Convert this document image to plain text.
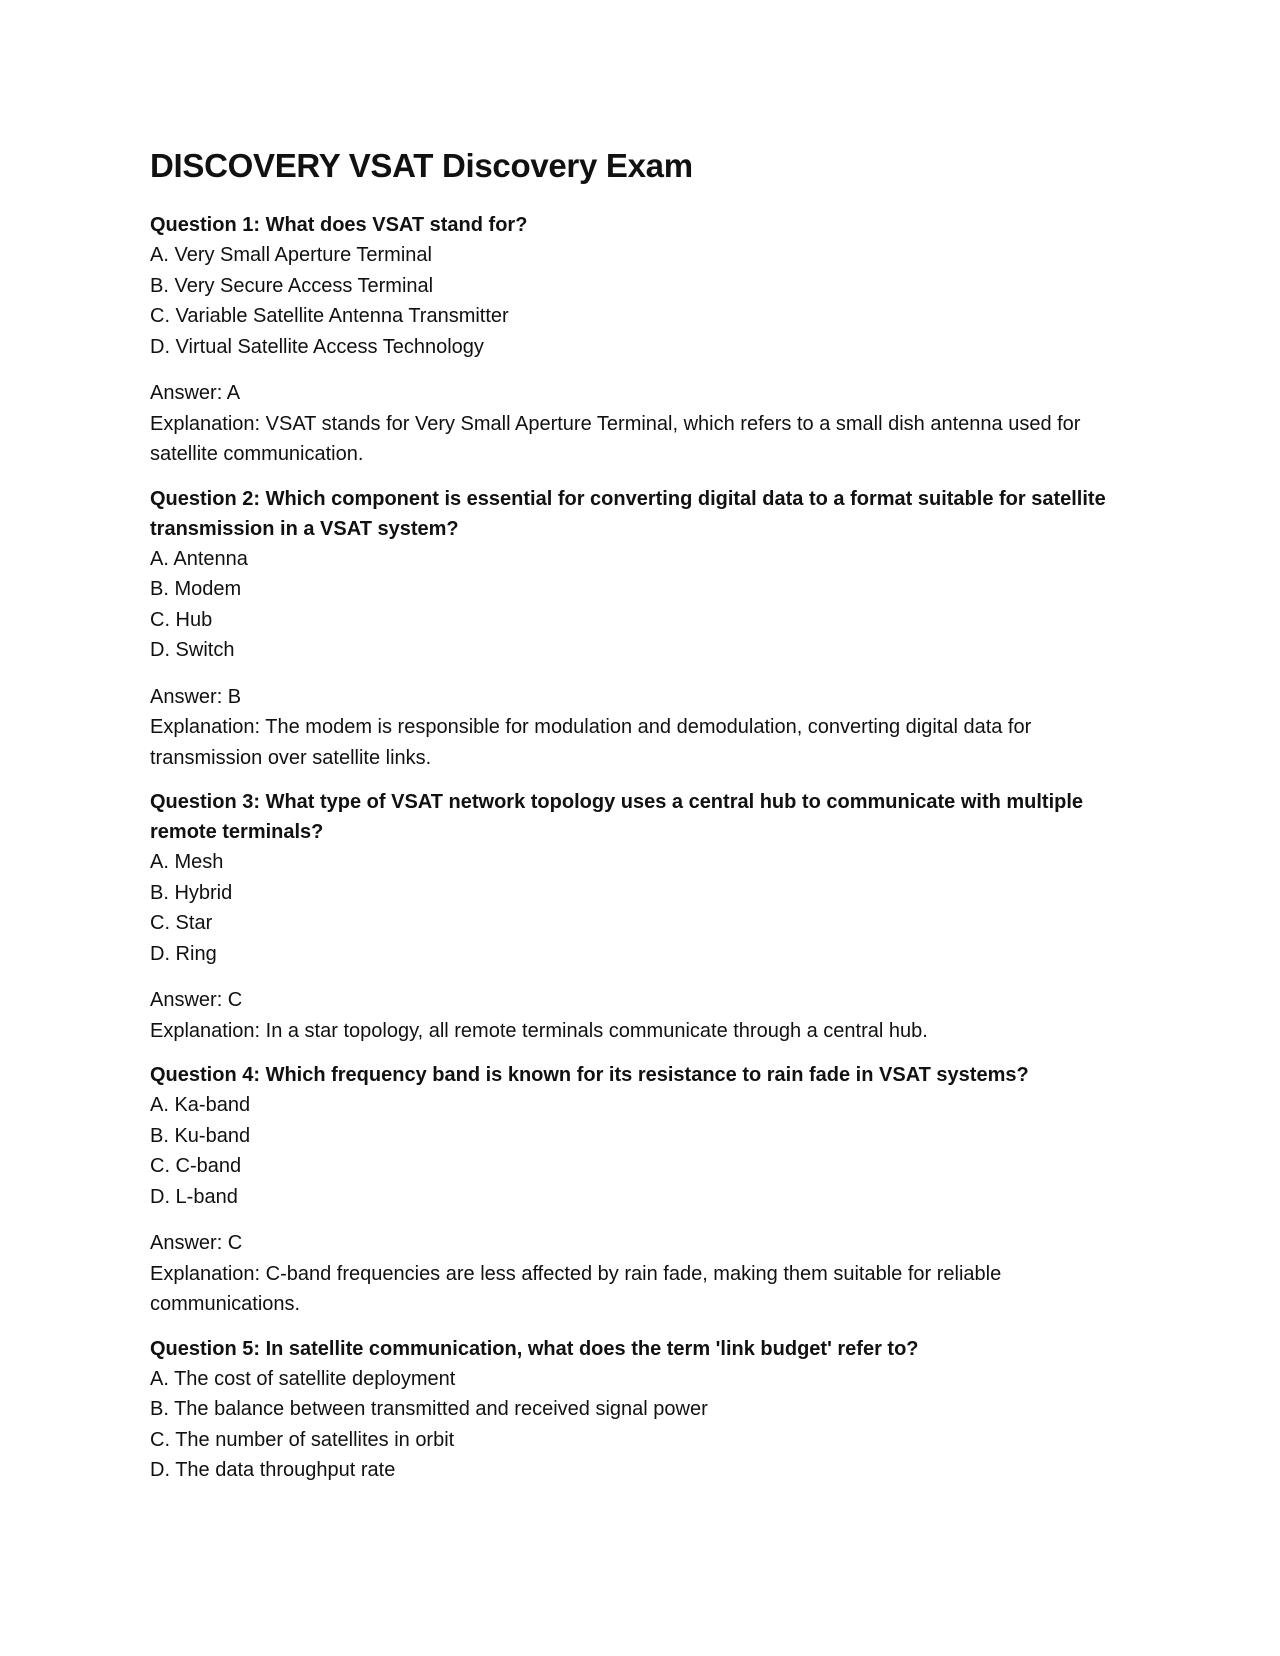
DISCOVERY VSAT Discovery Exam

Question 1: What does VSAT stand for?

A. Very Small Aperture Terminal
B. Very Secure Access Terminal
C. Variable Satellite Antenna Transmitter
D. Virtual Satellite Access Technology

Answer: A

Explanation: VSAT stands for Very Small Aperture Terminal, which refers to a small dish antenna used for satellite communication.

Question 2: Which component is essential for converting digital data to a format suitable for satellite transmission in a VSAT system?

A. Antenna
B. Modem
C. Hub
D. Switch

Answer: B

Explanation: The modem is responsible for modulation and demodulation, converting digital data for transmission over satellite links.

Question 3: What type of VSAT network topology uses a central hub to communicate with multiple remote terminals?

A. Mesh
B. Hybrid
C. Star
D. Ring

Answer: C

Explanation: In a star topology, all remote terminals communicate through a central hub.

Question 4: Which frequency band is known for its resistance to rain fade in VSAT systems?

A. Ka-band
B. Ku-band
C. C-band
D. L-band

Answer: C

Explanation: C-band frequencies are less affected by rain fade, making them suitable for reliable communications.

Question 5: In satellite communication, what does the term 'link budget' refer to?

A. The cost of satellite deployment
B. The balance between transmitted and received signal power
C. The number of satellites in orbit
D. The data throughput rate
